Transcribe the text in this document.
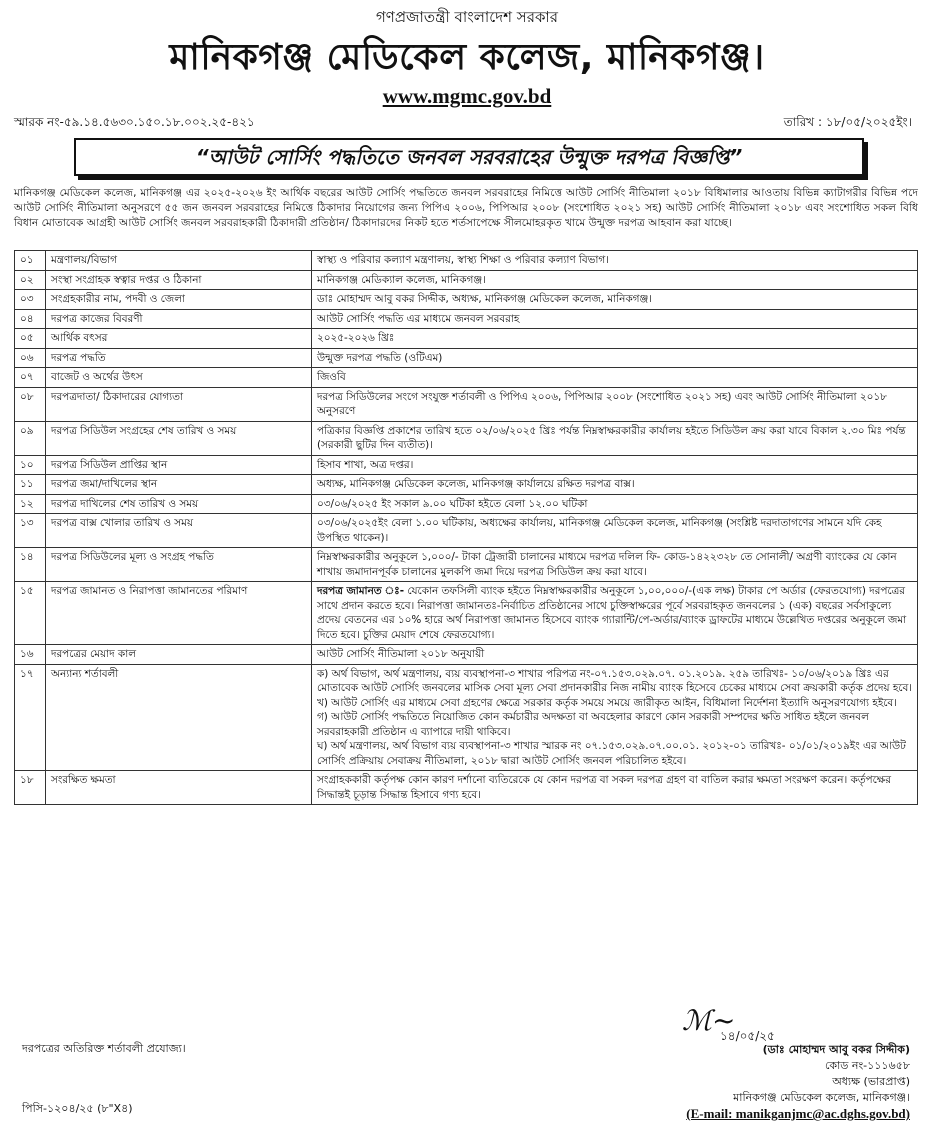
গণপ্রজাতন্ত্রী বাংলাদেশ সরকার
মানিকগঞ্জ মেডিকেল কলেজ, মানিকগঞ্জ।
www.mgmc.gov.bd
স্মারক নং-৫৯.১৪.৫৬৩০.১৫০.১৮.০০২.২৫-৪২১	তারিখ : ১৮/০৫/২০২৫ইং।
“আউট সোর্সিং পদ্ধতিতে জনবল সরবরাহের উন্মুক্ত দরপত্র বিজ্ঞপ্তি”
মানিকগঞ্জ মেডিকেল কলেজ, মানিকগঞ্জ এর ২০২৫-২০২৬ ইং আর্থিক বছরের আউট সোর্সিং পদ্ধতিতে জনবল সরবরাহের নিমিত্তে আউট সোর্সিং নীতিমালা ২০১৮ বিধিমালার আওতায় বিভিন্ন ক্যাটাগরীর বিভিন্ন পদে আউট সোর্সিং নীতিমালা অনুসরণে ৫৫ জন জনবল সরবরাহের নিমিত্তে ঠিকাদার নিয়োগের জন্য পিপিএ ২০০৬, পিপিআর ২০০৮ (সংশোধিত ২০২১ সহ) আউট সোর্সিং নীতিমালা ২০১৮ এবং সংশোধিত সকল বিধি বিধান মোতাবেক আগ্রহী আউট সোর্সিং জনবল সরবরাহকারী ঠিকাদারী প্রতিষ্ঠান/ ঠিকাদারদের নিকট হতে শর্তসাপেক্ষে সীলমোহরকৃত খামে উন্মুক্ত দরপত্র আহবান করা যাচ্ছে।
০১	মন্ত্রণালয়/বিভাগ	স্বাস্থ্য ও পরিবার কল্যাণ মন্ত্রণালয়, স্বাস্থ্য শিক্ষা ও পরিবার কল্যাণ বিভাগ।
০২	সংস্থা সংগ্রাহক স্বত্বার দপ্তর ও ঠিকানা	মানিকগঞ্জ মেডিক্যাল কলেজ, মানিকগঞ্জ।
০৩	সংগ্রহকারীর নাম, পদবী ও জেলা	ডাঃ মোহাম্মদ আবু বকর সিদ্দীক, অধ্যক্ষ, মানিকগঞ্জ মেডিকেল কলেজ, মানিকগঞ্জ।
০৪	দরপত্র কাজের বিবরণী	আউট সোর্সিং পদ্ধতি এর মাধ্যমে জনবল সরবরাহ
০৫	আর্থিক বৎসর	২০২৫-২০২৬ খ্রিঃ
০৬	দরপত্র পদ্ধতি	উন্মুক্ত দরপত্র পদ্ধতি (ওটিএম)
০৭	বাজেট ও অর্থের উৎস	জিওবি
০৮	দরপত্রদাতা/ ঠিকাদারের যোগ্যতা	দরপত্র সিডিউলের সংগে সংযুক্ত শর্তাবলী ও পিপিএ ২০০৬, পিপিআর ২০০৮ (সংশোধিত ২০২১ সহ) এবং আউট সোর্সিং নীতিমালা ২০১৮ অনুসরণে
০৯	দরপত্র সিডিউল সংগ্রহের শেষ তারিখ ও সময়	পত্রিকার বিজ্ঞপ্তি প্রকাশের তারিখ হতে ০২/০৬/২০২৫ খ্রিঃ পর্যন্ত নিম্নস্বাক্ষরকারীর কার্যালয় হইতে সিডিউল ক্রয় করা যাবে বিকাল ২.৩০ মিঃ পর্যন্ত (সরকারী ছুটির দিন ব্যতীত)।
১০	দরপত্র সিডিউল প্রাপ্তির স্থান	হিসাব শাখা, অত্র দপ্তর।
১১	দরপত্র জমা/দাখিলের স্থান	অধ্যক্ষ, মানিকগঞ্জ মেডিকেল কলেজ, মানিকগঞ্জ কার্যালয়ে রক্ষিত দরপত্র বাক্স।
১২	দরপত্র দাখিলের শেষ তারিখ ও সময়	০৩/০৬/২০২৫ ইং সকাল ৯.০০ ঘটিকা হইতে বেলা ১২.০০ ঘটিকা
১৩	দরপত্র বাক্স খোলার তারিখ ও সময়	০৩/০৬/২০২৫ইং বেলা ১.০০ ঘটিকায়, অধ্যক্ষের কার্যালয়, মানিকগঞ্জ মেডিকেল কলেজ, মানিকগঞ্জ (সংশ্লিষ্ট দরদাতাগণের সামনে যদি কেহ উপস্থিত থাকেন)।
১৪	দরপত্র সিডিউলের মূল্য ও সংগ্রহ পদ্ধতি	নিম্নস্বাক্ষরকারীর অনুকূলে ১,০০০/- টাকা ট্রেজারী চালানের মাধ্যমে দরপত্র দলিল ফি- কোড-১৪২২৩২৮ তে সোনালী/ অগ্রণী ব্যাংকের যে কোন শাখায় জমাদানপূর্বক চালানের মুলকপি জমা দিয়ে দরপত্র সিডিউল ক্রয় করা যাবে।
১৫	দরপত্র জামানত ও নিরাপত্তা জামানতের পরিমাণ	দরপত্র জামানত ঃ- যেকোন তফসিলী ব্যাংক হইতে নিম্নস্বাক্ষরকারীর অনুকূলে ১,০০,০০০/-(এক লক্ষ) টাকার পে অর্ডার (ফেরতযোগ্য) দরপত্রের সাথে প্রদান করতে হবে। নিরাপত্তা জামানতঃ-নির্বাচিত প্রতিষ্ঠানের সাথে চুক্তিস্বাক্ষরের পূর্বে সরবরাহকৃত জনবলের ১ (এক) বছরের সর্বসাকুল্যে প্রদেয় বেতনের এর ১০% হারে অর্থ নিরাপত্তা জামানত হিসেবে ব্যাংক গ্যারান্টি/পে-অর্ডার/ব্যাংক ড্রাফটের মাধ্যমে উল্লেখিত দপ্তরের অনুকূলে জমা দিতে হবে। চুক্তির মেয়াদ শেষে ফেরতযোগ্য।
১৬	দরপত্রের মেয়াদ কাল	আউট সোর্সিং নীতিমালা ২০১৮ অনুযায়ী
১৭	অন্যান্য শর্তাবলী	ক) অর্থ বিভাগ, অর্থ মন্ত্রণালয়, ব্যয় ব্যবস্থাপনা-৩ শাখার পরিপত্র নং-০৭.১৫৩.০২৯.০৭. ০১.২০১৯. ২৫৯ তারিখঃ- ১০/০৬/২০১৯ খ্রিঃ এর মোতাবেক আউট সোর্সিং জনবলের মাসিক সেবা মূল্য সেবা প্রদানকারীর নিজ নামীয় ব্যাংক হিসেবে চেকের মাধ্যমে সেবা ক্রয়কারী কর্তৃক প্রদেয় হবে।
খ) আউট সোর্সিং এর মাধ্যমে সেবা গ্রহণের ক্ষেত্রে সরকার কর্তৃক সময়ে সময়ে জারীকৃত আইন, বিধিমালা নির্দেশনা ইত্যাদি অনুসরণযোগ্য হইবে।
গ) আউট সোর্সিং পদ্ধতিতে নিয়োজিত কোন কর্মচারীর অদক্ষতা বা অবহেলার কারণে কোন সরকারী সম্পদের ক্ষতি সাধিত হইলে জনবল সরবরাহকারী প্রতিষ্ঠান এ ব্যাপারে দায়ী থাকিবে।
ঘ) অর্থ মন্ত্রণালয়, অর্থ বিভাগ ব্যয় ব্যবস্থাপনা-৩ শাখার স্মারক নং ০৭.১৫৩.০২৯.০৭.০০.০১. ২০১২-০১ তারিখঃ- ০১/০১/২০১৯ইং এর আউট সোর্সিং প্রক্রিয়ায় সেবাক্রয় নীতিমালা, ২০১৮ দ্বারা আউট সোর্সিং জনবল পরিচালিত হইবে।

১৮	সংরক্ষিত ক্ষমতা	সংগ্রাহককারী কর্তৃপক্ষ কোন কারণ দর্শানো ব্যতিরেকে যে কোন দরপত্র বা সকল দরপত্র গ্রহণ বা বাতিল করার ক্ষমতা সংরক্ষণ করেন। কর্তৃপক্ষের সিদ্ধান্তই চূড়ান্ত সিদ্ধান্ত হিসাবে গণ্য হবে।
ℳ~
১৪/০৫/২৫
দরপত্রের অতিরিক্ত শর্তাবলী প্রযোজ্য।	(ডাঃ মোহাম্মদ আবু বকর সিদ্দীক)
কোড নং-১১১৬৫৮
অধ্যক্ষ (ভারপ্রাপ্ত)
মানিকগঞ্জ মেডিকেল কলেজ, মানিকগঞ্জ।
(E-mail: manikganjmc@ac.dghs.gov.bd)
পিসি-১২০৪/২৫ (৮"X৪)
